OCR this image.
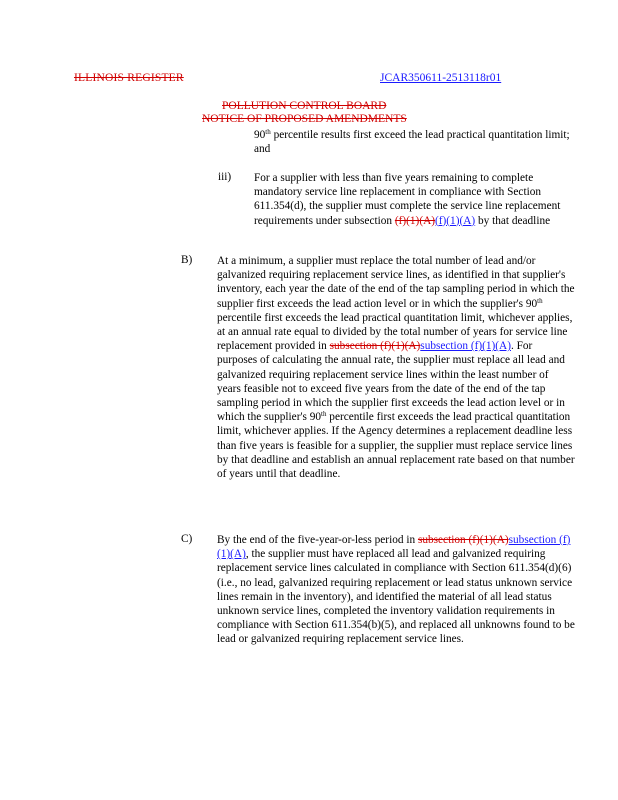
ILLINOIS REGISTER	JCAR350611-2513118r01
POLLUTION CONTROL BOARD
NOTICE OF PROPOSED AMENDMENTS
90th percentile results first exceed the lead practical quantitation limit; and
iii) For a supplier with less than five years remaining to complete mandatory service line replacement in compliance with Section 611.354(d), the supplier must complete the service line replacement requirements under subsection (f)(1)(A)(f)(1)(A) by that deadline
B) At a minimum, a supplier must replace the total number of lead and/or galvanized requiring replacement service lines, as identified in that supplier's inventory, each year the date of the end of the tap sampling period in which the supplier first exceeds the lead action level or in which the supplier's 90th percentile first exceeds the lead practical quantitation limit, whichever applies, at an annual rate equal to divided by the total number of years for service line replacement provided in subsection (f)(1)(A)subsection (f)(1)(A). For purposes of calculating the annual rate, the supplier must replace all lead and galvanized requiring replacement service lines within the least number of years feasible not to exceed five years from the date of the end of the tap sampling period in which the supplier first exceeds the lead action level or in which the supplier's 90th percentile first exceeds the lead practical quantitation limit, whichever applies. If the Agency determines a replacement deadline less than five years is feasible for a supplier, the supplier must replace service lines by that deadline and establish an annual replacement rate based on that number of years until that deadline.
C) By the end of the five-year-or-less period in subsection (f)(1)(A)subsection (f)(1)(A), the supplier must have replaced all lead and galvanized requiring replacement service lines calculated in compliance with Section 611.354(d)(6) (i.e., no lead, galvanized requiring replacement or lead status unknown service lines remain in the inventory), and identified the material of all lead status unknown service lines, completed the inventory validation requirements in compliance with Section 611.354(b)(5), and replaced all unknowns found to be lead or galvanized requiring replacement service lines.
